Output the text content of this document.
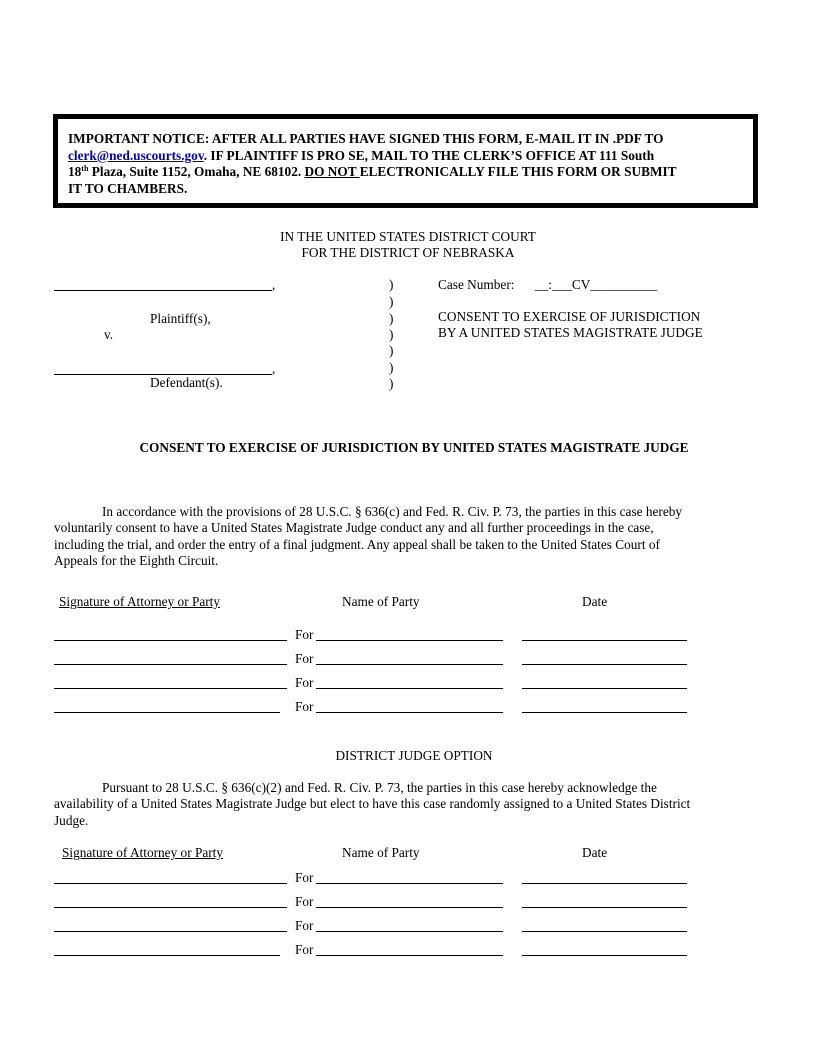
IMPORTANT NOTICE: AFTER ALL PARTIES HAVE SIGNED THIS FORM, E-MAIL IT IN .PDF TO
clerk@ned.uscourts.gov. IF PLAINTIFF IS PRO SE, MAIL TO THE CLERK’S OFFICE AT 111 South
18th Plaza, Suite 1152, Omaha, NE 68102. DO NOT ELECTRONICALLY FILE THIS FORM OR SUBMIT
IT TO CHAMBERS.
IN THE UNITED STATES DISTRICT COURT
FOR THE DISTRICT OF NEBRASKA
,
Plaintiff(s),
v.
,
Defendant(s).
)
)
)
)
)
)
)
Case Number: __:___CV__________
CONSENT TO EXERCISE OF JURISDICTION
BY A UNITED STATES MAGISTRATE JUDGE
CONSENT TO EXERCISE OF JURISDICTION BY UNITED STATES MAGISTRATE JUDGE
In accordance with the provisions of 28 U.S.C. § 636(c) and Fed. R. Civ. P. 73, the parties in this case hereby
voluntarily consent to have a United States Magistrate Judge conduct any and all further proceedings in the case,
including the trial, and order the entry of a final judgment. Any appeal shall be taken to the United States Court of
Appeals for the Eighth Circuit.
Signature of Attorney or Party	Name of Party	Date
For
For
For
For
DISTRICT JUDGE OPTION
Pursuant to 28 U.S.C. § 636(c)(2) and Fed. R. Civ. P. 73, the parties in this case hereby acknowledge the
availability of a United States Magistrate Judge but elect to have this case randomly assigned to a United States District
Judge.
Signature of Attorney or Party	Name of Party	Date
For
For
For
For
